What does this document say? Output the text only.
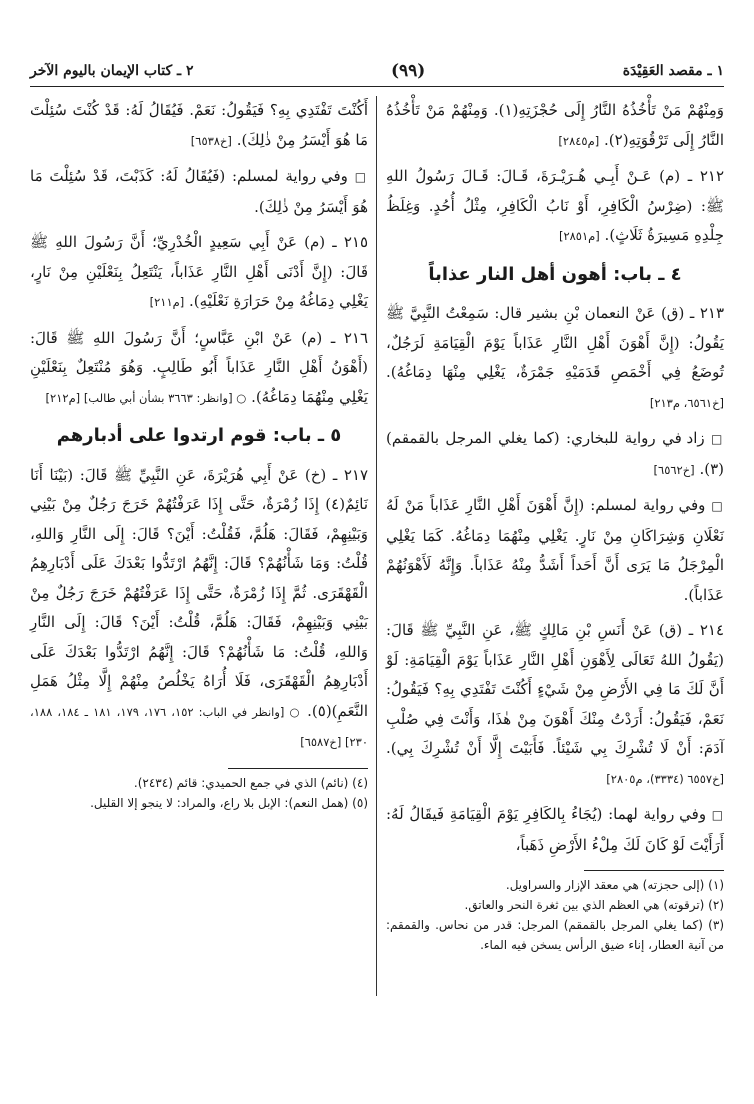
١ ـ مقصد العَقِيْدَة
(٩٩)
٢ ـ كتاب الإيمان باليوم الآخر

وَمِنْهُمْ مَنْ تَأْخُذُهُ النَّارُ إِلَى حُجْزَتِهِ(١). وَمِنْهُمْ مَنْ تَأْخُذُهُ النَّارُ إِلَى تَرْقُوَتِهِ(٢). [م٢٨٤٥]

٢١٢ ـ (م) عَـنْ أَبِـي هُـرَيْـرَةَ، قَـالَ: قَـالَ رَسُولُ اللهِ ﷺ: (ضِرْسُ الْكَافِرِ، أَوْ نَابُ الْكَافِرِ، مِثْلُ أُحُدٍ. وَغِلَظُ جِلْدِهِ مَسِيرَةُ ثَلَاثٍ). [م٢٨٥١]

٤ ـ باب: أهون أهل النار عذاباً

٢١٣ ـ (ق) عَنْ النعمان بْنِ بشير قال: سَمِعْتُ النَّبِيَّ ﷺ يَقُولُ: (إِنَّ أَهْوَنَ أَهْلِ النَّارِ عَذَاباً يَوْمَ الْقِيَامَةِ لَرَجُلٌ، تُوضَعُ فِي أَخْمَصِ قَدَمَيْهِ جَمْرَةٌ، يَغْلِي مِنْهَا دِمَاغُهُ). [خ٦٥٦١، م٢١٣]

□ زاد في رواية للبخاري: (كما يغلي المرجل بالقمقم)(٣). [خ٦٥٦٢]

□ وفي رواية لمسلم: (إِنَّ أَهْوَنَ أَهْلِ النَّارِ عَذَاباً مَنْ لَهُ نَعْلَانِ وَشِرَاكَانِ مِنْ نَارٍ. يَغْلِي مِنْهُمَا دِمَاغُهُ. كَمَا يَغْلِي الْمِرْجَلُ مَا يَرَى أَنَّ أَحَداً أَشَدُّ مِنْهُ عَذَاباً. وَإِنَّهُ لَأَهْوَنُهُمْ عَذَاباً).

٢١٤ ـ (ق) عَنْ أَنَسِ بْنِ مَالِكٍ ﷺ، عَنِ النَّبِيِّ ﷺ قَالَ: (يَقُولُ اللهُ تَعَالَى لِأَهْوَنِ أَهْلِ النَّارِ عَذَاباً يَوْمَ الْقِيَامَةِ: لَوْ أَنَّ لَكَ مَا فِي الأَرْضِ مِنْ شَيْءٍ أَكُنْتَ تَفْتَدِي بِهِ؟ فَيَقُولُ: نَعَمْ، فَيَقُولُ: أَرَدْتُ مِنْكَ أَهْوَنَ مِنْ هٰذَا، وَأَنْتَ فِي صُلْبِ آدَمَ: أَنْ لَا تُشْرِكَ بِي شَيْئاً. فَأَبَيْتَ إِلَّا أَنْ تُشْرِكَ بِي). [خ٦٥٥٧ (٣٣٣٤)، م٢٨٠٥]

□ وفي رواية لهما: (يُجَاءُ بِالكَافِرِ يَوْمَ الْقِيَامَةِ فَيقَالُ لَهُ: أَرَأَيْتَ لَوْ كَانَ لَكَ مِلْءُ الأَرْضِ ذَهَباً،

(١) (إلى حجزته) هي معقد الإزار والسراويل.

(٢) (ترقوته) هي العظم الذي بين ثغرة النحر والعاتق.

(٣) (كما يغلي المرجل بالقمقم) المرجل: قدر من نحاس. والقمقم: من آنية العطار، إناء ضيق الرأس يسخن فيه الماء.

أَكُنْتَ تَفْتَدِي بِهِ؟ فَيَقُولُ: نَعَمْ. فَيُقَالُ لَهُ: قَدْ كُنْتَ سُئِلْتَ مَا هُوَ أَيْسَرُ مِنْ ذٰلِكَ). [خ٦٥٣٨]

□ وفي رواية لمسلم: (فَيُقَالُ لَهُ: كَذَبْتَ، قَدْ سُئِلْتَ مَا هُوَ أَيْسَرُ مِنْ ذٰلِكَ).

٢١٥ ـ (م) عَنْ أَبِي سَعِيدٍ الْخُدْرِيِّ؛ أَنَّ رَسُولَ اللهِ ﷺ قَالَ: (إِنَّ أَدْنَى أَهْلِ النَّارِ عَذَاباً، يَنْتَعِلُ بِنَعْلَيْنِ مِنْ نَارٍ، يَغْلِي دِمَاغُهُ مِنْ حَرَارَةِ نَعْلَيْهِ). [م٢١١]

٢١٦ ـ (م) عَنْ ابْنِ عَبَّاسٍ؛ أَنَّ رَسُولَ اللهِ ﷺ قَالَ: (أَهْوَنُ أَهْلِ النَّارِ عَذَاباً أَبُو طَالِبٍ. وَهُوَ مُنْتَعِلٌ بِنَعْلَيْنِ يَغْلِي مِنْهُمَا دِمَاغُهُ). ○ [وانظر: ٣٦٦٣ بشأن أبي طالب] [م٢١٢]

٥ ـ باب: قوم ارتدوا على أدبارهم

٢١٧ ـ (خ) عَنْ أَبِي هُرَيْرَةَ، عَنِ النَّبِيِّ ﷺ قَالَ: (بَيْنَا أَنَا نَائِمٌ(٤) إِذَا زُمْرَةٌ، حَتَّى إِذَا عَرَفْتُهُمْ خَرَجَ رَجُلٌ مِنْ بَيْنِي وَبَيْنِهِمْ، فَقَالَ: هَلُمَّ، فَقُلْتُ: أَيْنَ؟ قَالَ: إِلَى النَّارِ وَاللهِ، قُلْتُ: وَمَا شَأْنُهُمْ؟ قَالَ: إِنَّهُمُ ارْتَدُّوا بَعْدَكَ عَلَى أَدْبَارِهِمُ الْقَهْقَرَى. ثُمَّ إِذَا زُمْرَةٌ، حَتَّى إِذَا عَرَفْتُهُمْ خَرَجَ رَجُلٌ مِنْ بَيْنِي وَبَيْنِهِمْ، فَقَالَ: هَلُمَّ، قُلْتُ: أَيْنَ؟ قَالَ: إِلَى النَّارِ وَاللهِ، قُلْتُ: مَا شَأْنُهُمْ؟ قَالَ: إِنَّهُمُ ارْتَدُّوا بَعْدَكَ عَلَى أَدْبَارِهِمُ الْقَهْقَرَى، فَلَا أُرَاهُ يَخْلُصُ مِنْهُمْ إِلَّا مِثْلُ هَمَلِ النَّعَمِ)(٥). ○ [وانظر في الباب: ١٥٢، ١٧٦، ١٧٩، ١٨١ ـ ١٨٤، ١٨٨، ٢٣٠] [خ٦٥٨٧]

(٤) (نائم) الذي في جمع الحميدي: قائم (٢٤٣٤).

(٥) (همل النعم): الإبل بلا راع، والمراد: لا ينجو إلا القليل.
